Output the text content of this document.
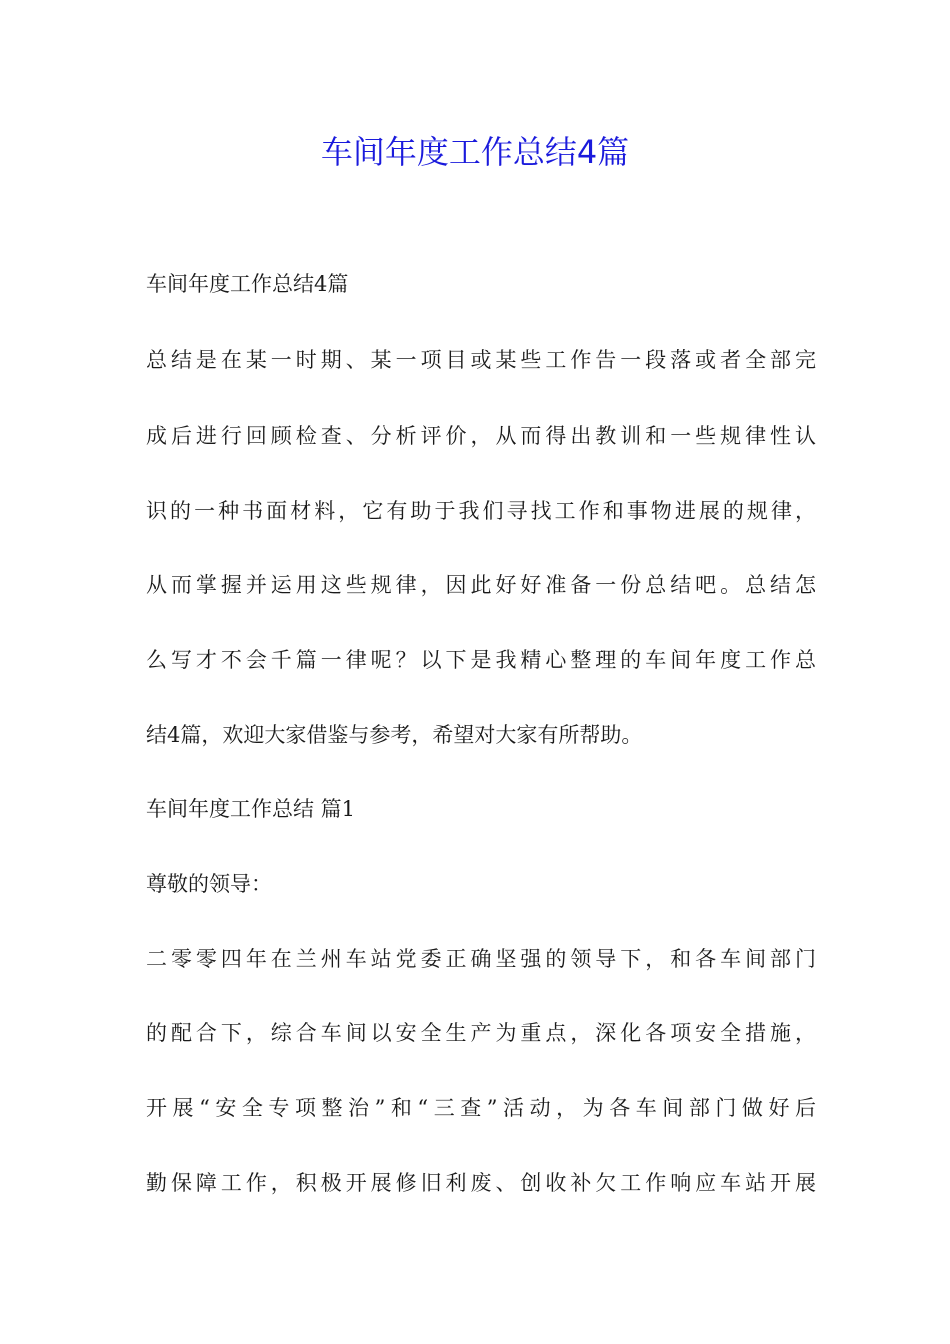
车间年度工作总结4篇

车间年度工作总结4篇

总结是在某一时期、某一项目或某些工作告一段落或者全部完

成后进行回顾检查、分析评价，从而得出教训和一些规律性认

识的一种书面材料，它有助于我们寻找工作和事物进展的规律，

从而掌握并运用这些规律，因此好好准备一份总结吧。总结怎

么写才不会千篇一律呢？以下是我精心整理的车间年度工作总

结4篇，欢迎大家借鉴与参考，希望对大家有所帮助。

车间年度工作总结 篇1

尊敬的领导：

二零零四年在兰州车站党委正确坚强的领导下，和各车间部门

的配合下，综合车间以安全生产为重点，深化各项安全措施，

开展“安全专项整治”和“三查”活动，为各车间部门做好后

勤保障工作，积极开展修旧利废、创收补欠工作响应车站开展
